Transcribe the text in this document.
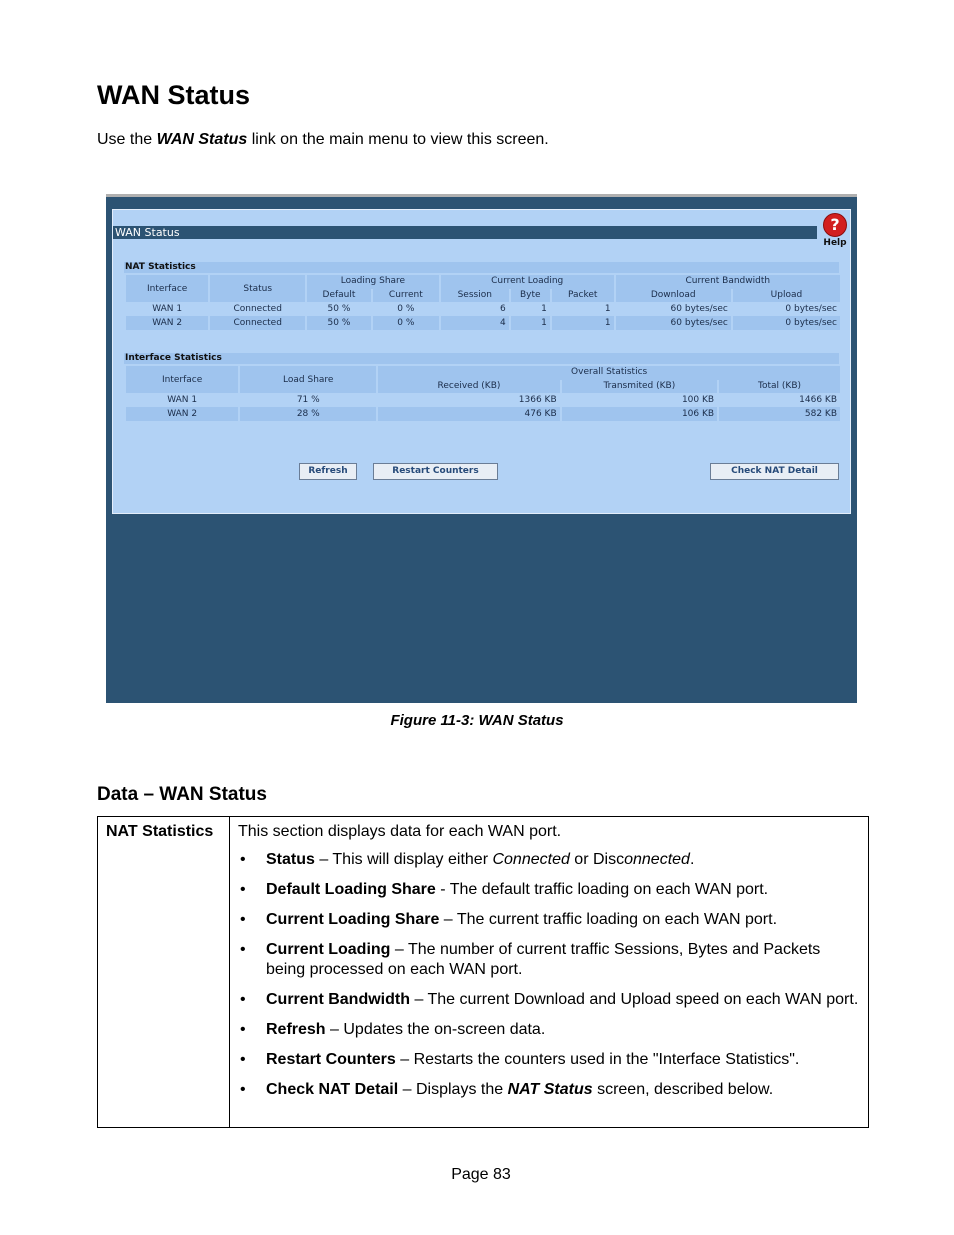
WAN Status
Use the WAN Status link on the main menu to view this screen.
WAN Status	?
Help
NAT Statistics
Interface	Status	Loading Share		Current Loading			Current Bandwidth	
		Default	Current	Session	Byte	Packet	Download	Upload
WAN 1	Connected	50 %	0 %	6	1	1	60 bytes/sec	0 bytes/sec
WAN 2	Connected	50 %	0 %	4	1	1	60 bytes/sec	0 bytes/sec
Interface Statistics
Interface	Load Share	Overall Statistics		
		Received (KB)	Transmited (KB)	Total (KB)
WAN 1	71 %	1366 KB	100 KB	1466 KB
WAN 2	28 %	476 KB	106 KB	582 KB
Refresh	Restart Counters	Check NAT Detail
Figure 11-3: WAN Status
Data – WAN Status
NAT Statistics	This section displays data for each WAN port.
• Status – This will display either Connected or Disconnected.
• Default Loading Share - The default traffic loading on each WAN port.
• Current Loading Share – The current traffic loading on each WAN port.
• Current Loading – The number of current traffic Sessions, Bytes and Packets being processed on each WAN port.
• Current Bandwidth – The current Download and Upload speed on each WAN port.
• Refresh – Updates the on-screen data.
• Restart Counters – Restarts the counters used in the "Interface Statistics".
• Check NAT Detail – Displays the NAT Status screen, described below.
Page 83
